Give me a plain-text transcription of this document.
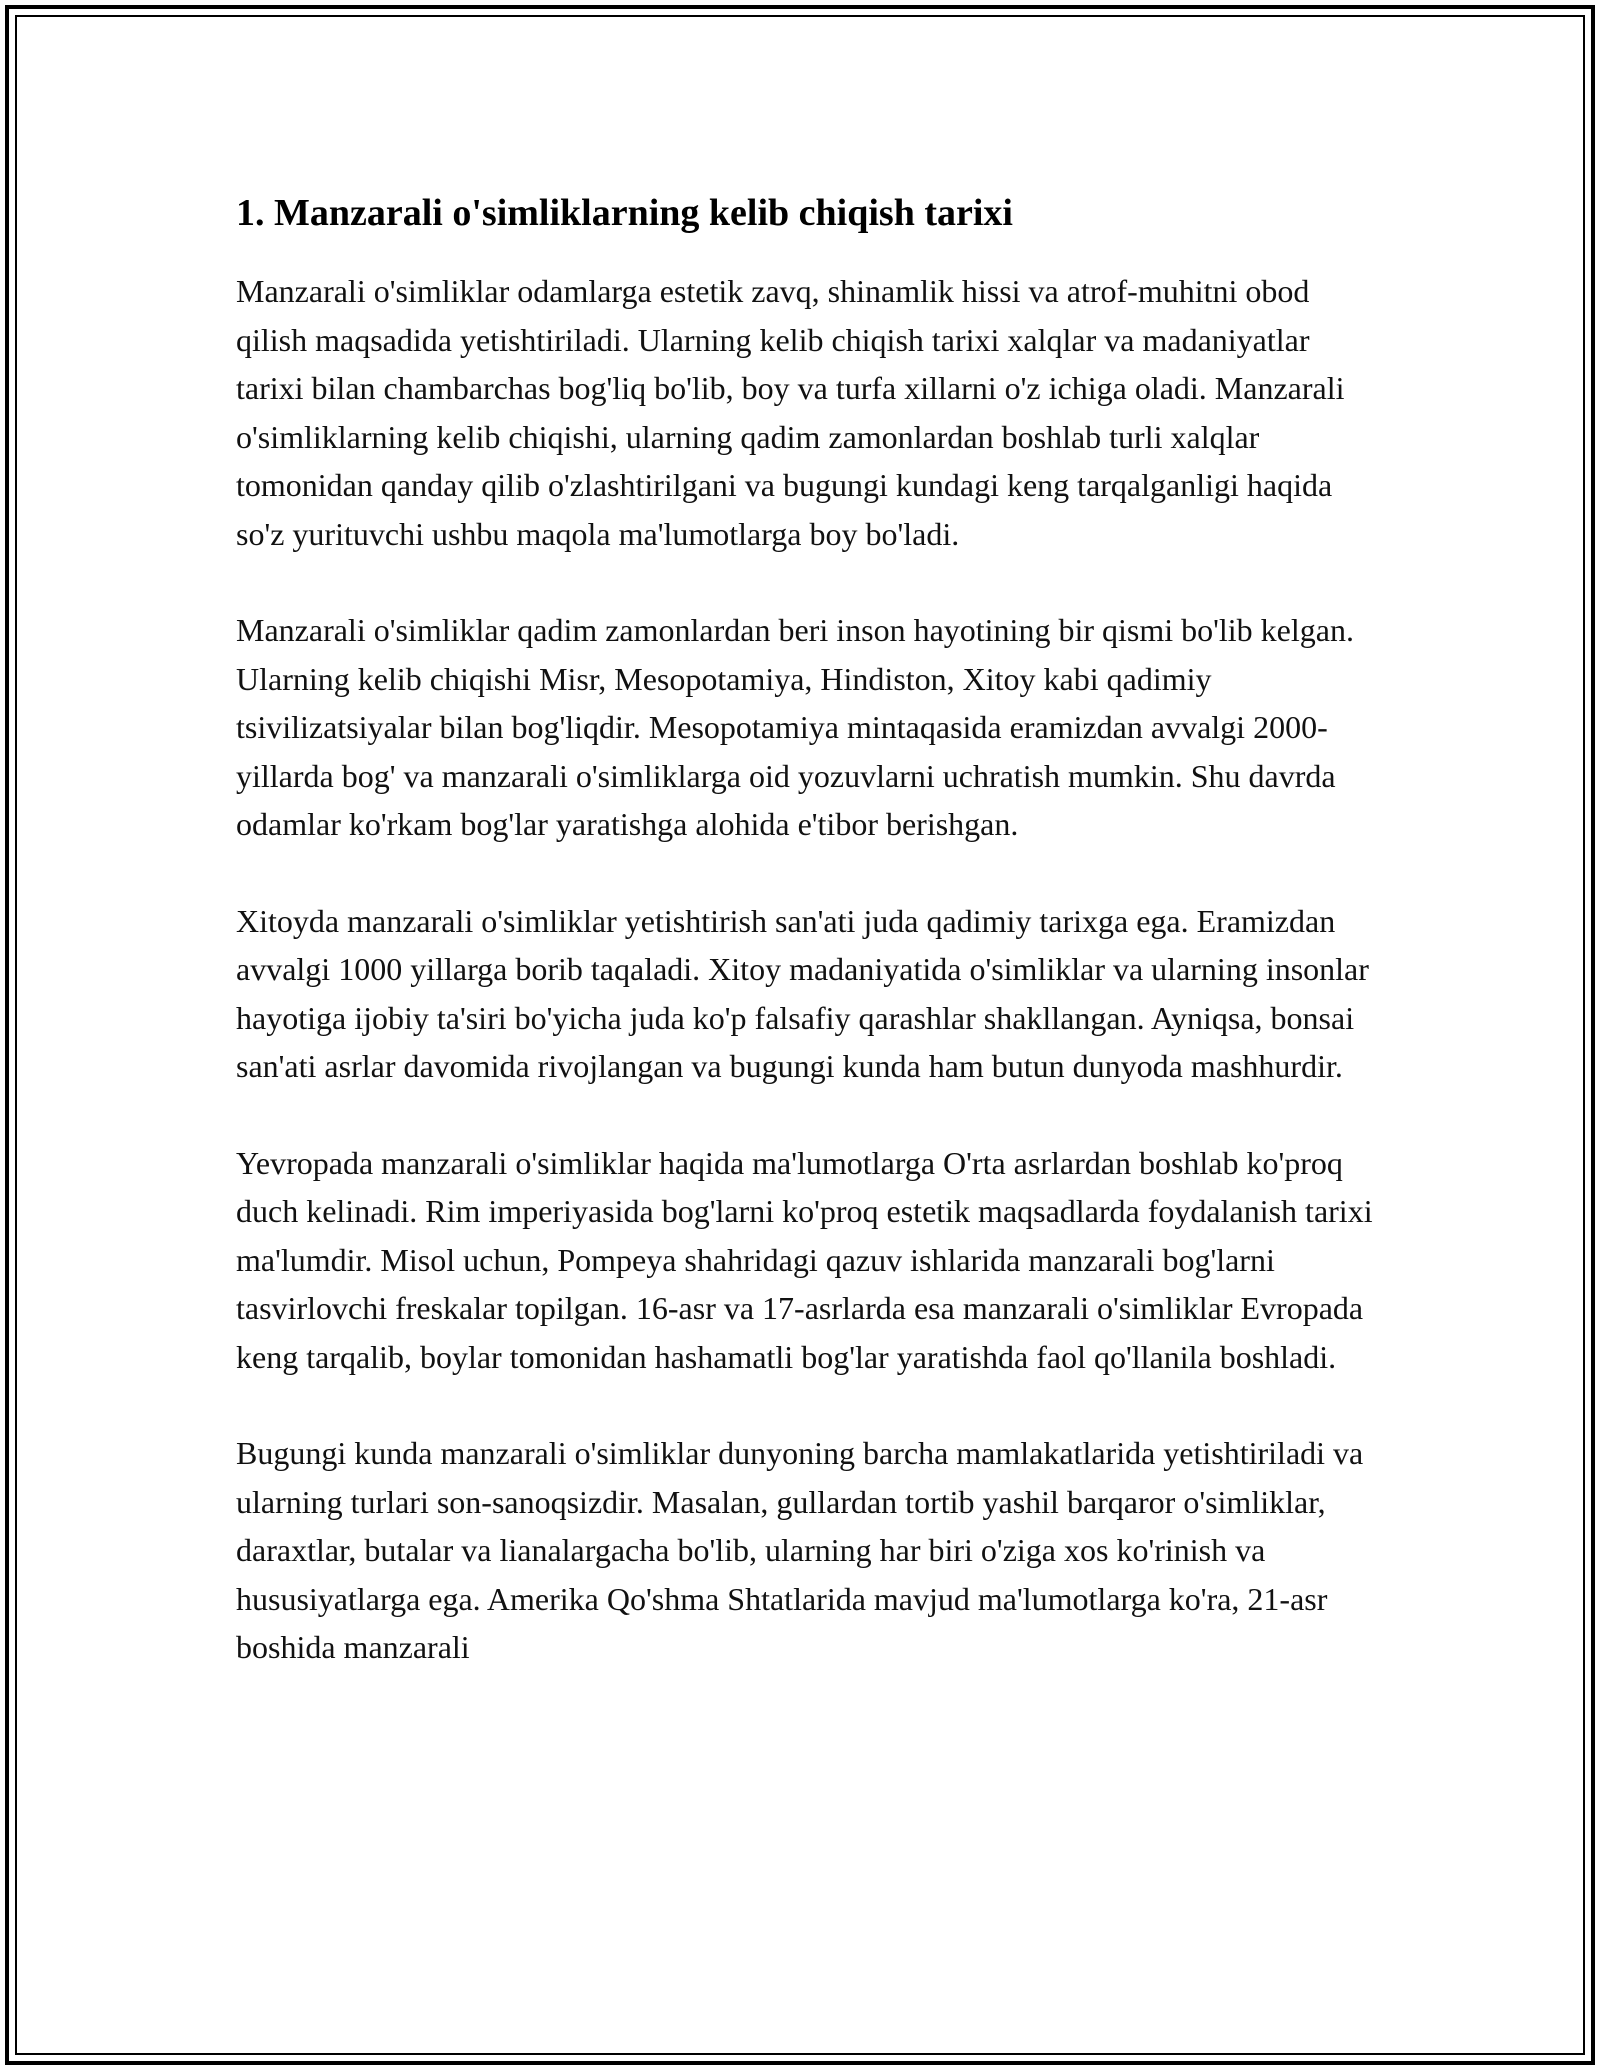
1. Manzarali o'simliklarning kelib chiqish tarixi

Manzarali o'simliklar odamlarga estetik zavq, shinamlik hissi va atrof-muhitni obod qilish maqsadida yetishtiriladi. Ularning kelib chiqish tarixi xalqlar va madaniyatlar tarixi bilan chambarchas bog'liq bo'lib, boy va turfa xillarni o'z ichiga oladi. Manzarali o'simliklarning kelib chiqishi, ularning qadim zamonlardan boshlab turli xalqlar tomonidan qanday qilib o'zlashtirilgani va bugungi kundagi keng tarqalganligi haqida so'z yurituvchi ushbu maqola ma'lumotlarga boy bo'ladi.

Manzarali o'simliklar qadim zamonlardan beri inson hayotining bir qismi bo'lib kelgan. Ularning kelib chiqishi Misr, Mesopotamiya, Hindiston, Xitoy kabi qadimiy tsivilizatsiyalar bilan bog'liqdir. Mesopotamiya mintaqasida eramizdan avvalgi 2000-yillarda bog' va manzarali o'simliklarga oid yozuvlarni uchratish mumkin. Shu davrda odamlar ko'rkam bog'lar yaratishga alohida e'tibor berishgan.

Xitoyda manzarali o'simliklar yetishtirish san'ati juda qadimiy tarixga ega. Eramizdan avvalgi 1000 yillarga borib taqaladi. Xitoy madaniyatida o'simliklar va ularning insonlar hayotiga ijobiy ta'siri bo'yicha juda ko'p falsafiy qarashlar shakllangan. Ayniqsa, bonsai san'ati asrlar davomida rivojlangan va bugungi kunda ham butun dunyoda mashhurdir.

Yevropada manzarali o'simliklar haqida ma'lumotlarga O'rta asrlardan boshlab ko'proq duch kelinadi. Rim imperiyasida bog'larni ko'proq estetik maqsadlarda foydalanish tarixi ma'lumdir. Misol uchun, Pompeya shahridagi qazuv ishlarida manzarali bog'larni tasvirlovchi freskalar topilgan. 16-asr va 17-asrlarda esa manzarali o'simliklar Evropada keng tarqalib, boylar tomonidan hashamatli bog'lar yaratishda faol qo'llanila boshladi.

Bugungi kunda manzarali o'simliklar dunyoning barcha mamlakatlarida yetishtiriladi va ularning turlari son-sanoqsizdir. Masalan, gullardan tortib yashil barqaror o'simliklar, daraxtlar, butalar va lianalargacha bo'lib, ularning har biri o'ziga xos ko'rinish va hususiyatlarga ega. Amerika Qo'shma Shtatlarida mavjud ma'lumotlarga ko'ra, 21-asr boshida manzarali
